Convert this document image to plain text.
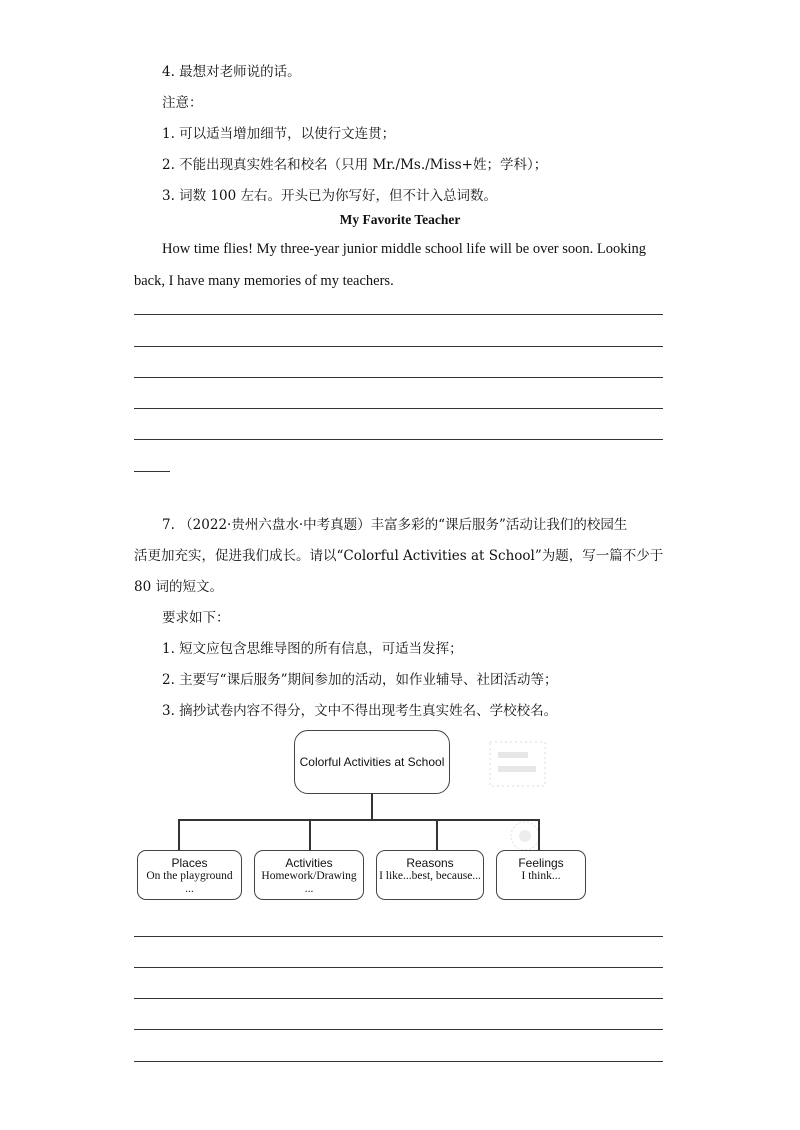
4. 最想对老师说的话。
注意：
1. 可以适当增加细节，以使行文连贯；
2. 不能出现真实姓名和校名（只用 Mr./Ms./Miss+姓；学科）；
3. 词数 100 左右。开头已为你写好，但不计入总词数。
My Favorite Teacher
How time flies! My three-year junior middle school life will be over soon. Looking
back, I have many memories of my teachers.
7. （2022·贵州六盘水·中考真题）丰富多彩的“课后服务”活动让我们的校园生
活更加充实，促进我们成长。请以“Colorful Activities at School”为题，写一篇不少于
80 词的短文。
要求如下：
1. 短文应包含思维导图的所有信息，可适当发挥；
2. 主要写“课后服务”期间参加的活动，如作业辅导、社团活动等；
3. 摘抄试卷内容不得分，文中不得出现考生真实姓名、学校校名。
Colorful Activities at School
Places
On the playground
...
Activities
Homework/Drawing
...
Reasons
I like...best, because...
Feelings
I think...
